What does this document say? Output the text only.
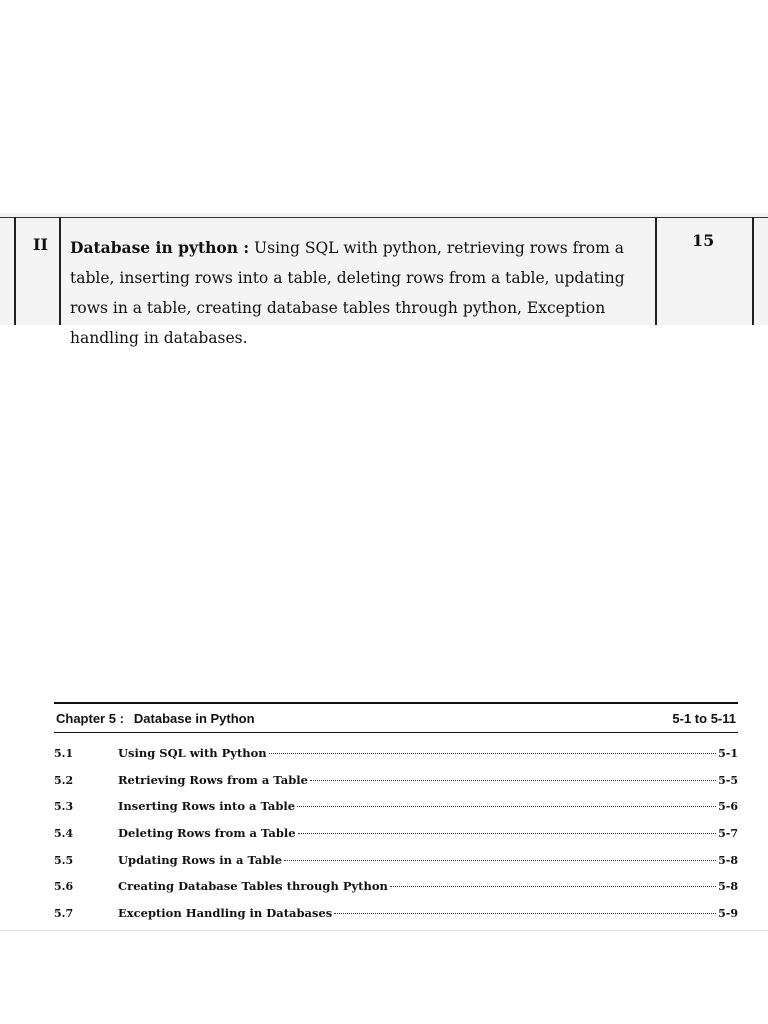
II Database in python : Using SQL with python, retrieving rows from a table, inserting rows into a table, deleting rows from a table, updating rows in a table, creating database tables through python, Exception handling in databases.
15
Chapter 5 : Database in Python	5-1 to 5-11
5.1	Using SQL with Python	5-1
5.2	Retrieving Rows from a Table	5-5
5.3	Inserting Rows into a Table	5-6
5.4	Deleting Rows from a Table	5-7
5.5	Updating Rows in a Table	5-8
5.6	Creating Database Tables through Python	5-8
5.7	Exception Handling in Databases	5-9
